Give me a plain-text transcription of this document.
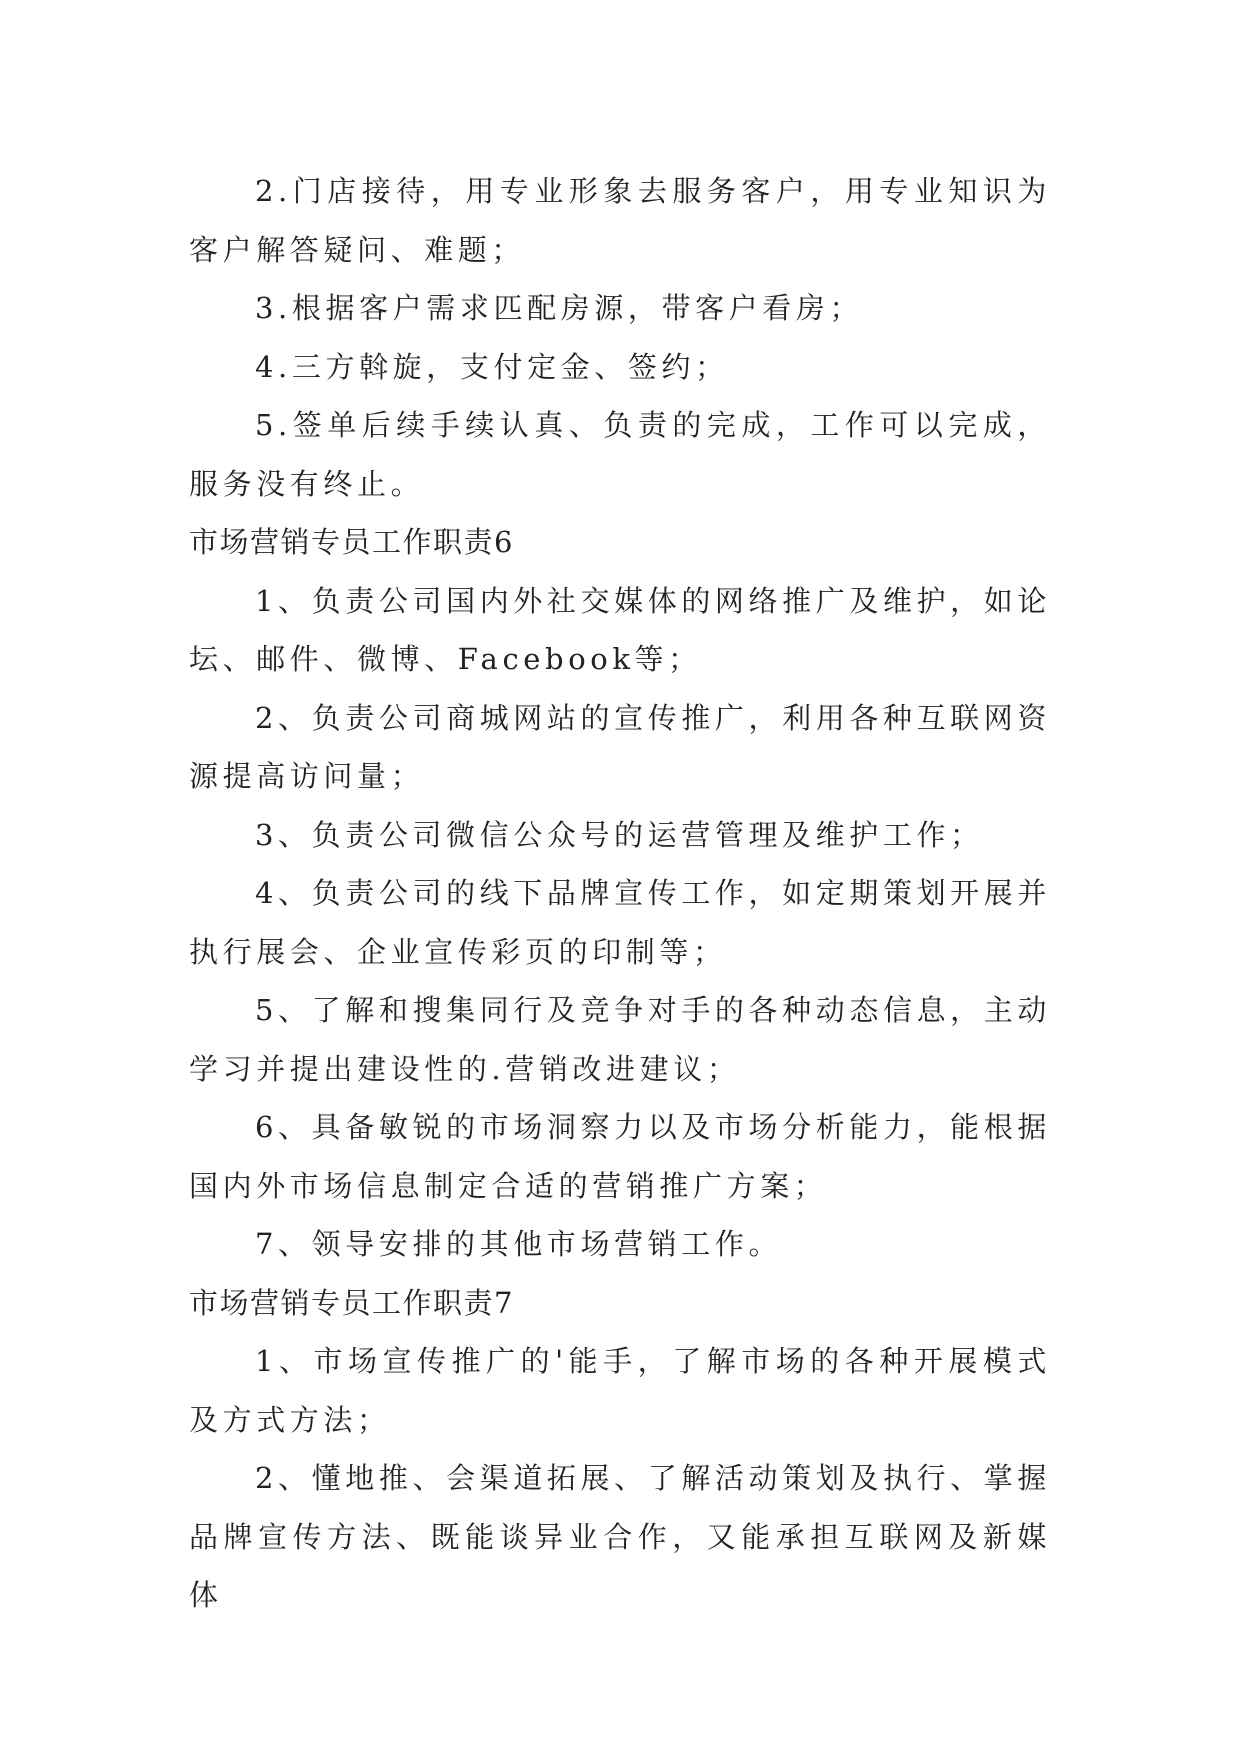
2.门店接待，用专业形象去服务客户，用专业知识为客户解答疑问、难题；

3.根据客户需求匹配房源，带客户看房；

4.三方斡旋，支付定金、签约；

5.签单后续手续认真、负责的完成，工作可以完成，服务没有终止。

市场营销专员工作职责6

1、负责公司国内外社交媒体的网络推广及维护，如论坛、邮件、微博、Facebook等；

2、负责公司商城网站的宣传推广，利用各种互联网资源提高访问量；

3、负责公司微信公众号的运营管理及维护工作；

4、负责公司的线下品牌宣传工作，如定期策划开展并执行展会、企业宣传彩页的印制等；

5、了解和搜集同行及竞争对手的各种动态信息，主动学习并提出建设性的.营销改进建议；

6、具备敏锐的市场洞察力以及市场分析能力，能根据国内外市场信息制定合适的营销推广方案；

7、领导安排的其他市场营销工作。

市场营销专员工作职责7

1、市场宣传推广的'能手，了解市场的各种开展模式及方式方法；

2、懂地推、会渠道拓展、了解活动策划及执行、掌握品牌宣传方法、既能谈异业合作，又能承担互联网及新媒体
